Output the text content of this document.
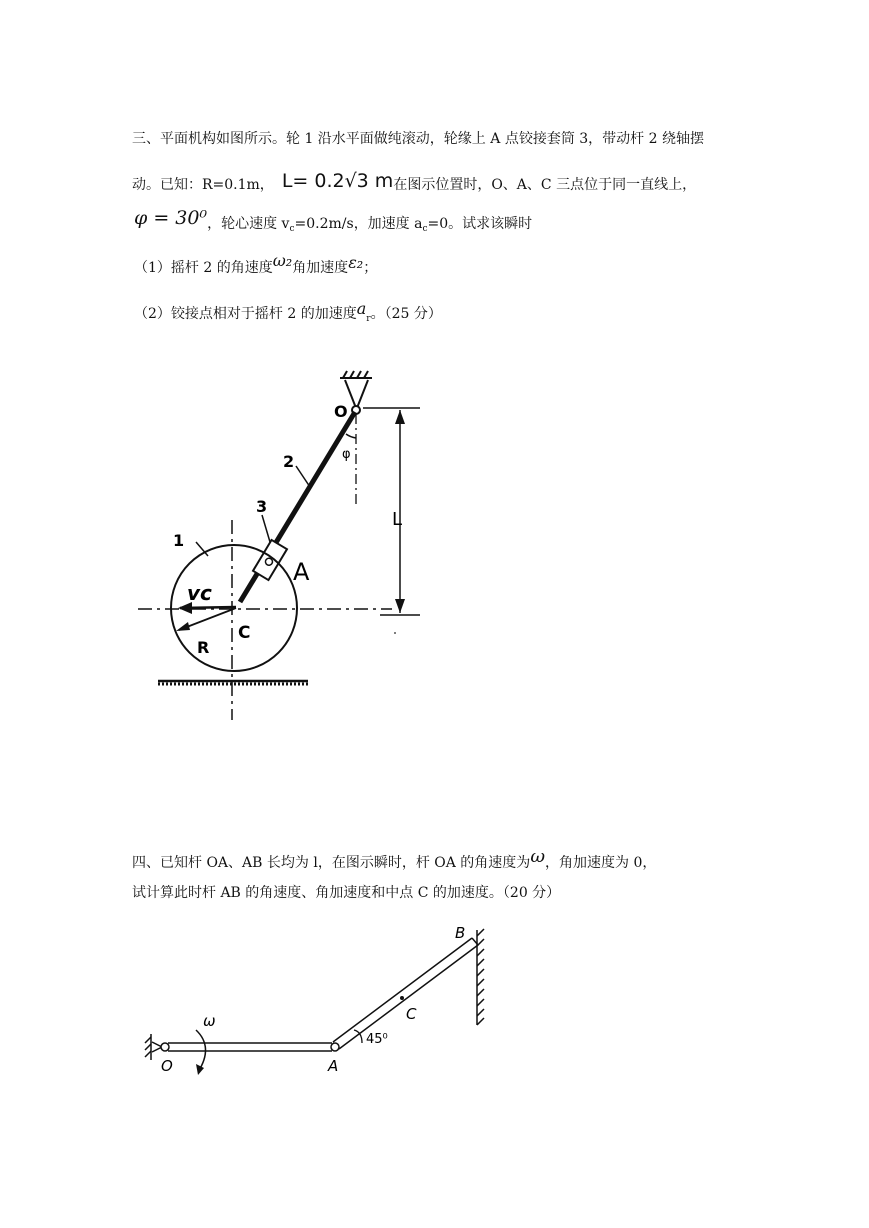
三、平面机构如图所示。轮 1 沿水平面做纯滚动，轮缘上 A 点铰接套筒 3，带动杆 2 绕轴摆
动。已知：R=0.1m， L= 0.2√3 m在图示位置时，O、A、C 三点位于同一直线上，
φ = 30⁰，轮心速度 $v_c=0.2m/s$，加速度 $a_c=0$。试求该瞬时
（1）摇杆 2 的角速度ω₂角加速度ε₂；
（2）铰接点相对于摇杆 2 的加速度$a_r$。（25 分）
O
φ
2
3
A
1
vc
R
C
L
四、已知杆 OA、AB 长均为 l，在图示瞬时，杆 OA 的角速度为ω，角加速度为 0，
试计算此时杆 AB 的角速度、角加速度和中点 C 的加速度。（20 分）
O	A
ω	C
B
45⁰
